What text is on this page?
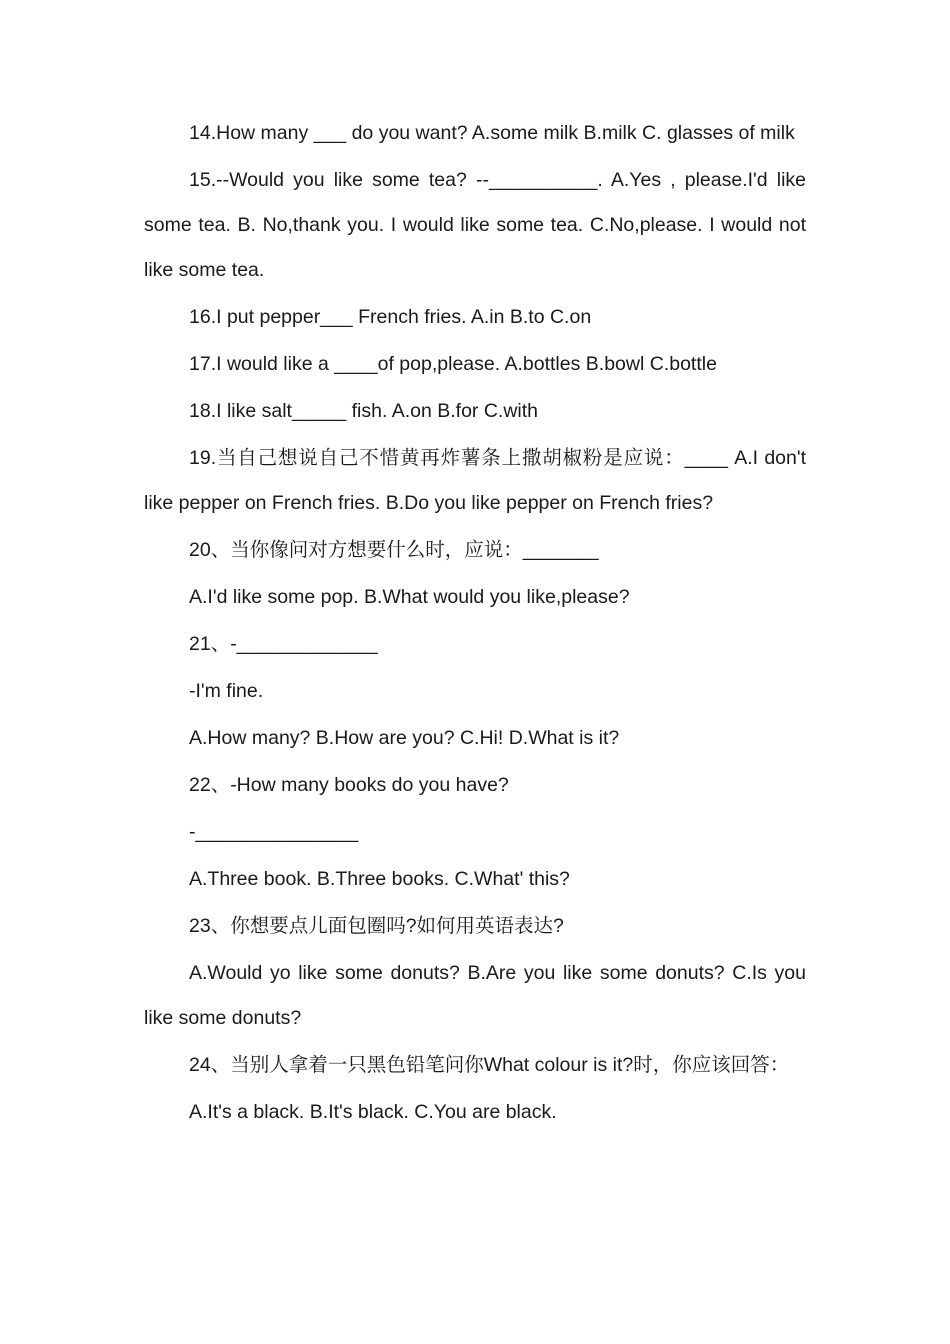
14.How many ___ do you want? A.some milk B.milk C. glasses of milk

15.--Would you like some tea? --__________. A.Yes , please.I'd like some tea. B. No,thank you. I would like some tea. C.No,please. I would not like some tea.

16.I put pepper___ French fries. A.in B.to C.on

17.I would like a ____of pop,please. A.bottles B.bowl C.bottle

18.I like salt_____ fish. A.on B.for C.with

19.当自己想说自己不惜黄再炸薯条上撒胡椒粉是应说：____ A.I don't like pepper on French fries. B.Do you like pepper on French fries?

20、当你像问对方想要什么时，应说：_______

A.I'd like some pop. B.What would you like,please?

21、-_____________

-I'm fine.

A.How many? B.How are you? C.Hi! D.What is it?

22、-How many books do you have?

-_______________

A.Three book. B.Three books. C.What' this?

23、你想要点儿面包圈吗?如何用英语表达?

A.Would yo like some donuts? B.Are you like some donuts? C.Is you like some donuts?

24、当别人拿着一只黑色铅笔问你What colour is it?时，你应该回答：

A.It's a black. B.It's black. C.You are black.
